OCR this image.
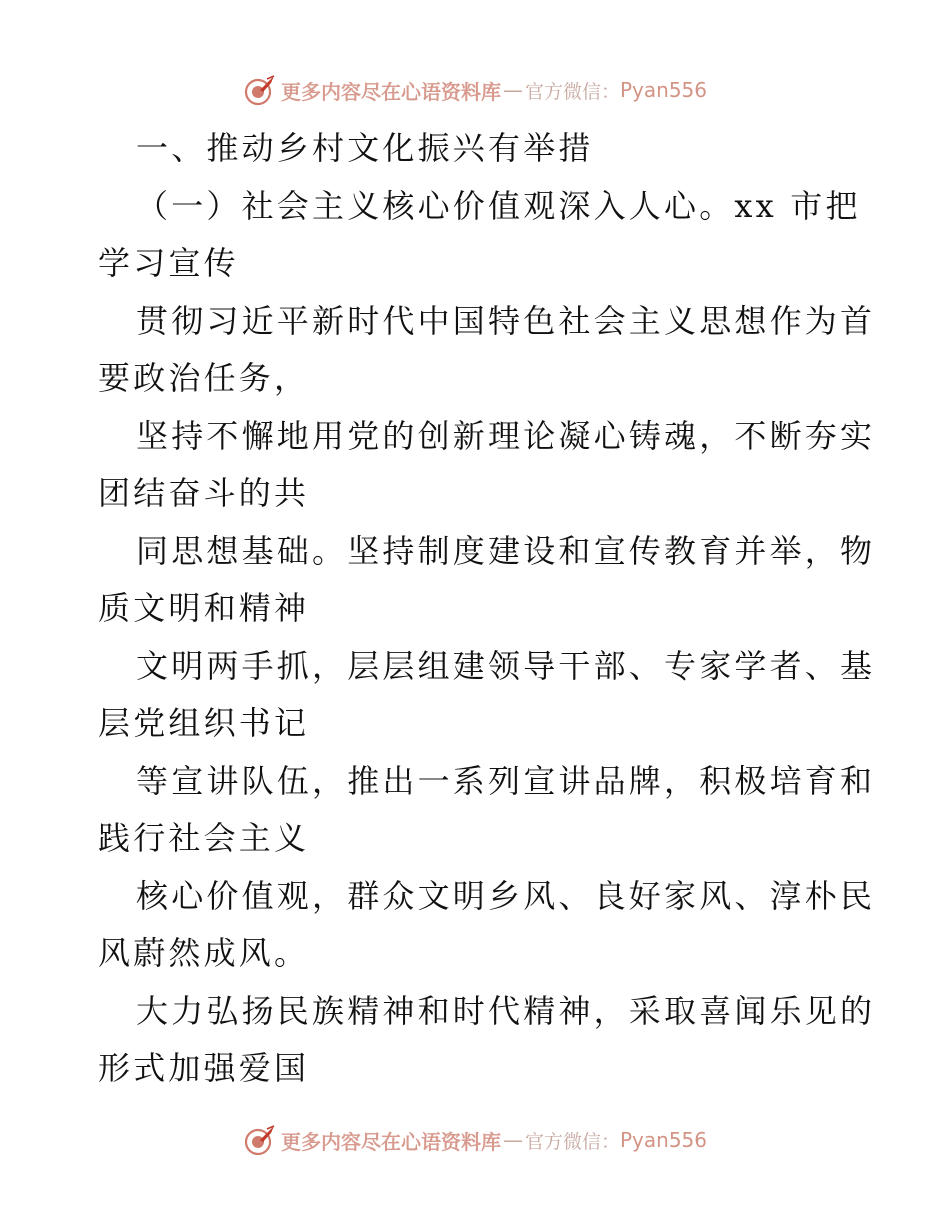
更多内容尽在心语资料库 — 官方微信： Pyan556
一、推动乡村文化振兴有举措
（一）社会主义核心价值观深入人心。xx 市把
学习宣传
贯彻习近平新时代中国特色社会主义思想作为首
要政治任务，
坚持不懈地用党的创新理论凝心铸魂，不断夯实
团结奋斗的共
同思想基础。坚持制度建设和宣传教育并举，物
质文明和精神
文明两手抓，层层组建领导干部、专家学者、基
层党组织书记
等宣讲队伍，推出一系列宣讲品牌，积极培育和
践行社会主义
核心价值观，群众文明乡风、良好家风、淳朴民
风蔚然成风。
大力弘扬民族精神和时代精神，采取喜闻乐见的
形式加强爱国
更多内容尽在心语资料库 — 官方微信： Pyan556
